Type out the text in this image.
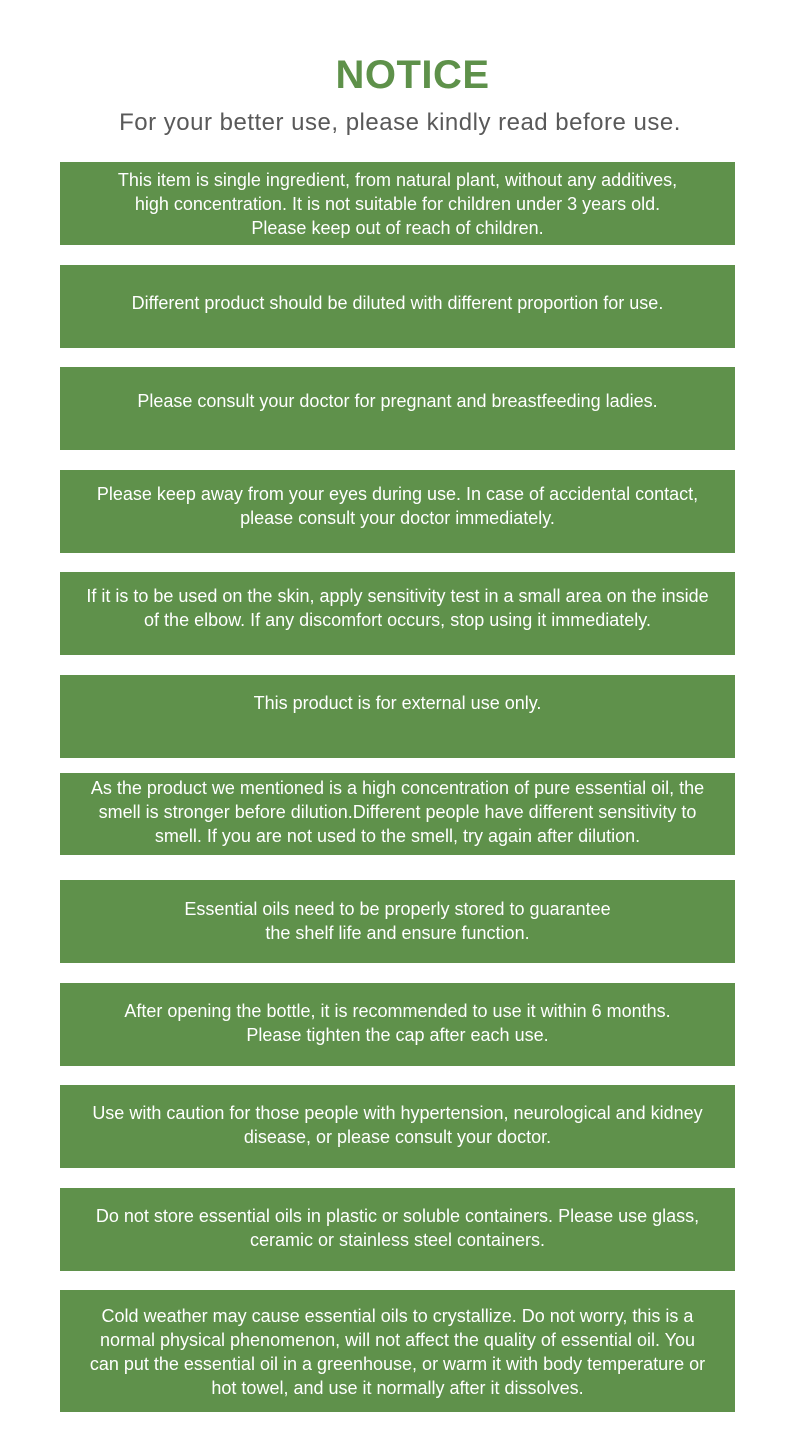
NOTICE
For your better use, please kindly read before use.
This item is single ingredient, from natural plant, without any additives,
high concentration. It is not suitable for children under 3 years old.
Please keep out of reach of children.
Different product should be diluted with different proportion for use.
Please consult your doctor for pregnant and breastfeeding ladies.
Please keep away from your eyes during use. In case of accidental contact,
please consult your doctor immediately.
If it is to be used on the skin, apply sensitivity test in a small area on the inside
of the elbow. If any discomfort occurs, stop using it immediately.
This product is for external use only.
As the product we mentioned is a high concentration of pure essential oil, the
smell is stronger before dilution.Different people have different sensitivity to
smell. If you are not used to the smell, try again after dilution.
Essential oils need to be properly stored to guarantee
the shelf life and ensure function.
After opening the bottle, it is recommended to use it within 6 months.
Please tighten the cap after each use.
Use with caution for those people with hypertension, neurological and kidney
disease, or please consult your doctor.
Do not store essential oils in plastic or soluble containers. Please use glass,
ceramic or stainless steel containers.
Cold weather may cause essential oils to crystallize. Do not worry, this is a
normal physical phenomenon, will not affect the quality of essential oil. You
can put the essential oil in a greenhouse, or warm it with body temperature or
hot towel, and use it normally after it dissolves.
